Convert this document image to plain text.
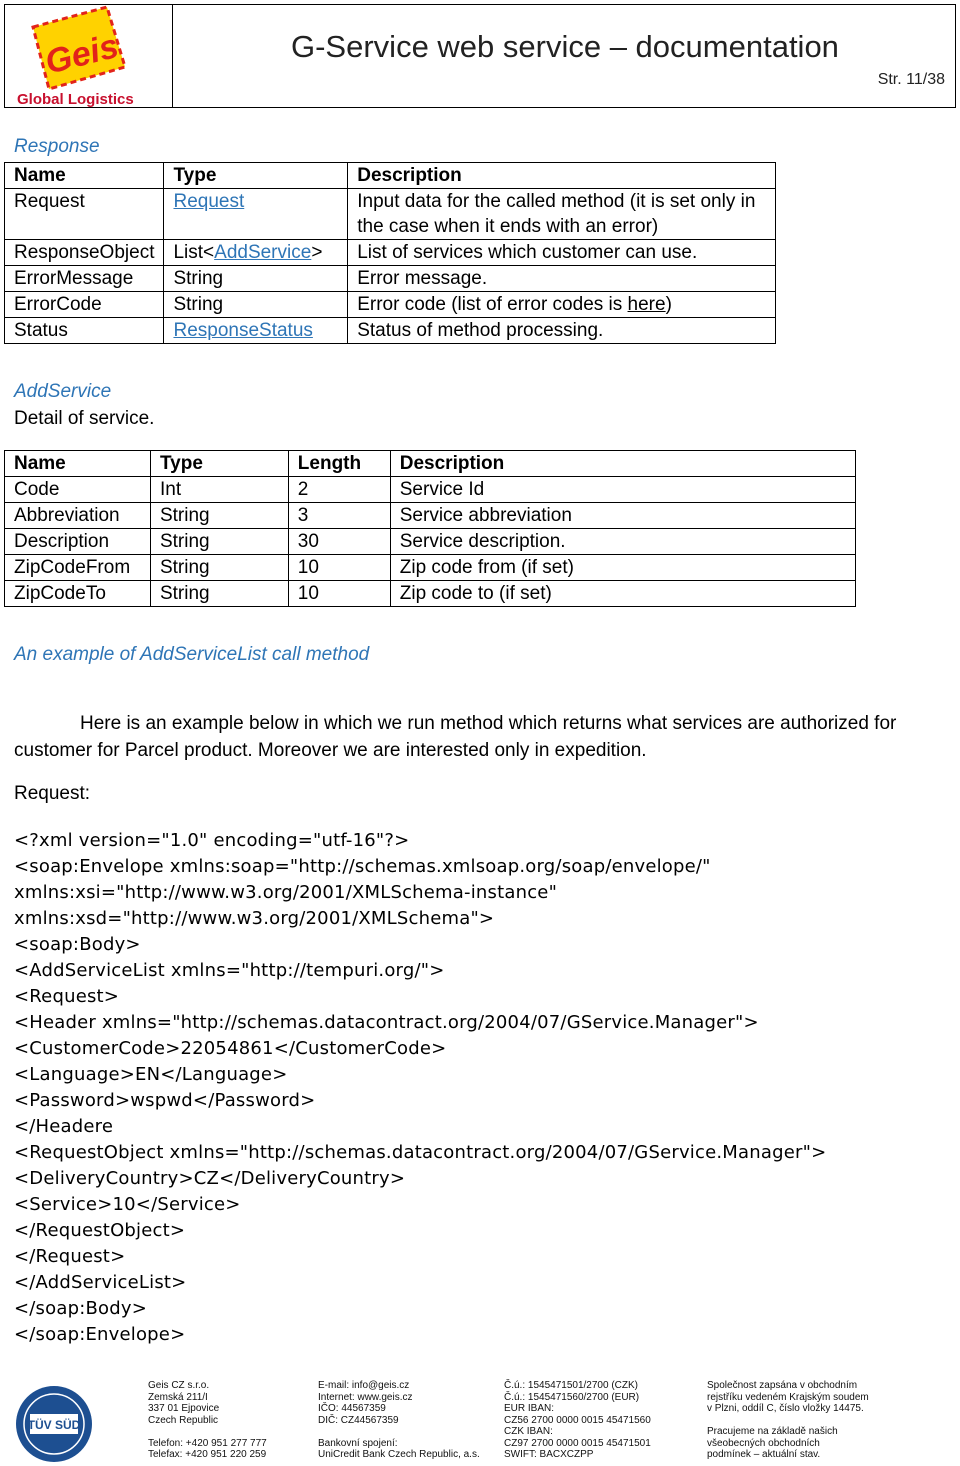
Geis
Global Logistics
G-Service web service – documentation
Str. 11/38
Response
Name	Type	Description
Request	Request	Input data for the called method (it is set only in the case when it ends with an error)
ResponseObject	List<AddService>	List of services which customer can use.
ErrorMessage	String	Error message.
ErrorCode	String	Error code (list of error codes is here)
Status	ResponseStatus	Status of method processing.
AddService
Detail of service.
Name	Type	Length	Description
Code	Int	2	Service Id
Abbreviation	String	3	Service abbreviation
Description	String	30	Service description.
ZipCodeFrom	String	10	Zip code from (if set)
ZipCodeTo	String	10	Zip code to (if set)
An example of AddServiceList call method
Here is an example below in which we run method which returns what services are authorized for
customer for Parcel product. Moreover we are interested only in expedition.
Request:
<?xml version="1.0" encoding="utf-16"?>
<soap:Envelope xmlns:soap="http://schemas.xmlsoap.org/soap/envelope/"
xmlns:xsi="http://www.w3.org/2001/XMLSchema-instance"
xmlns:xsd="http://www.w3.org/2001/XMLSchema">
<soap:Body>
<AddServiceList xmlns="http://tempuri.org/">
<Request>
<Header xmlns="http://schemas.datacontract.org/2004/07/GService.Manager">
<CustomerCode>22054861</CustomerCode>
<Language>EN</Language>
<Password>wspwd</Password>
</Headere
<RequestObject xmlns="http://schemas.datacontract.org/2004/07/GService.Manager">
<DeliveryCountry>CZ</DeliveryCountry>
<Service>10</Service>
</RequestObject>
</Request>
</AddServiceList>
</soap:Body>
</soap:Envelope>
TÜV SÜD
Geis CZ s.r.o.
Zemská 211/I
337 01 Ejpovice
Czech Republic

Telefon: +420 951 277 777
Telefax: +420 951 220 259
E-mail: info@geis.cz
Internet: www.geis.cz
IČO: 44567359
DIČ: CZ44567359

Bankovní spojení:
UniCredit Bank Czech Republic, a.s.
Č.ú.: 1545471501/2700 (CZK)
Č.ú.: 1545471560/2700 (EUR)
EUR IBAN:
CZ56 2700 0000 0015 45471560
CZK IBAN:
CZ97 2700 0000 0015 45471501
SWIFT: BACXCZPP
Společnost zapsána v obchodním
rejstříku vedeném Krajským soudem
v Plzni, oddíl C, číslo vložky 14475.

Pracujeme na základě našich
všeobecných obchodních
podmínek – aktuální stav.
